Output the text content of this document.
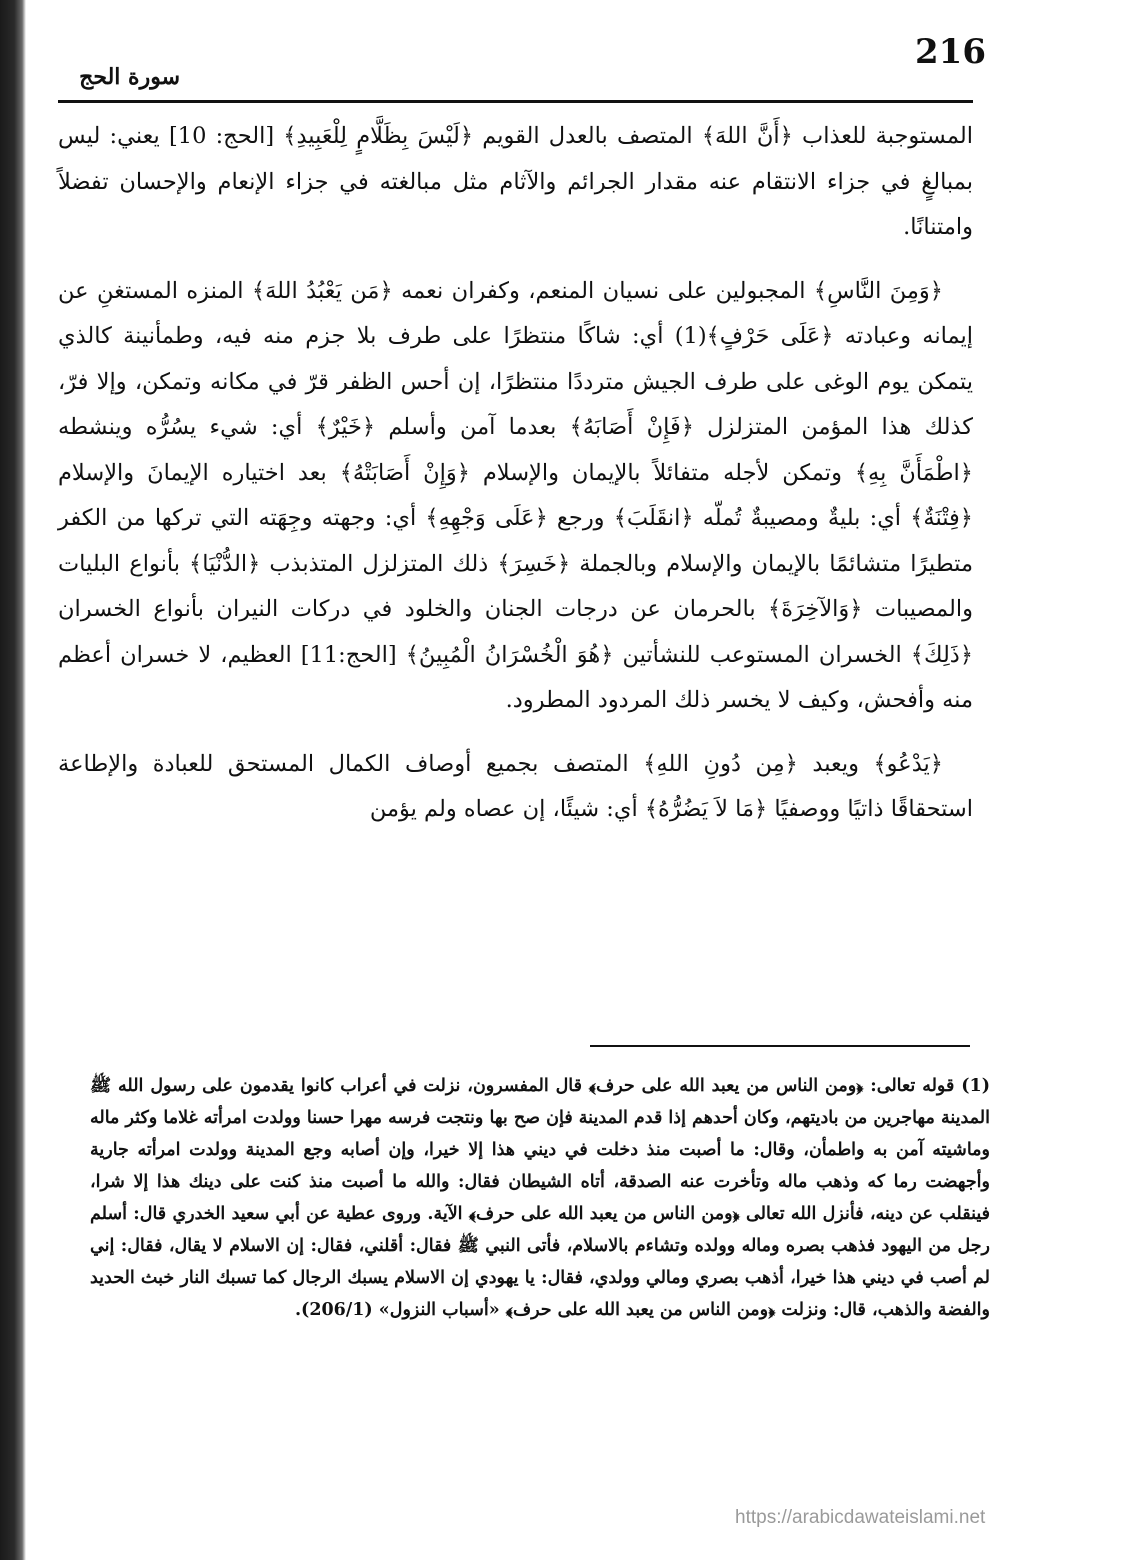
216
سورة الحج

المستوجبة للعذاب ﴿أَنَّ اللهَ﴾ المتصف بالعدل القويم ﴿لَيْسَ بِظَلَّامٍ لِلْعَبِيدِ﴾ [الحج: 10] يعني: ليس بمبالغٍ في جزاء الانتقام عنه مقدار الجرائم والآثام مثل مبالغته في جزاء الإنعام والإحسان تفضلاً وامتنانًا.

﴿وَمِنَ النَّاسِ﴾ المجبولين على نسيان المنعم، وكفران نعمه ﴿مَن يَعْبُدُ اللهَ﴾ المنزه المستغنِ عن إيمانه وعبادته ﴿عَلَى حَرْفٍ﴾(1) أي: شاكًا منتظرًا على طرف بلا جزم منه فيه، وطمأنينة كالذي يتمكن يوم الوغى على طرف الجيش مترددًا منتظرًا، إن أحس الظفر قرّ في مكانه وتمكن، وإلا فرّ، كذلك هذا المؤمن المتزلزل ﴿فَإِنْ أَصَابَهُ﴾ بعدما آمن وأسلم ﴿خَيْرٌ﴾ أي: شيء يسُرُّه وينشطه ﴿اطْمَأَنَّ بِهِ﴾ وتمكن لأجله متفائلاً بالإيمان والإسلام ﴿وَإِنْ أَصَابَتْهُ﴾ بعد اختياره الإيمانَ والإسلام ﴿فِتْنَةٌ﴾ أي: بليةٌ ومصيبةٌ تُملّه ﴿انقَلَبَ﴾ ورجع ﴿عَلَى وَجْهِهِ﴾ أي: وجهته وجِهَته التي تركها من الكفر متطيرًا متشائمًا بالإيمان والإسلام وبالجملة ﴿خَسِرَ﴾ ذلك المتزلزل المتذبذب ﴿الدُّنْيَا﴾ بأنواع البليات والمصيبات ﴿وَالآخِرَةَ﴾ بالحرمان عن درجات الجنان والخلود في دركات النيران بأنواع الخسران ﴿ذَلِكَ﴾ الخسران المستوعب للنشأتين ﴿هُوَ الْخُسْرَانُ الْمُبِينُ﴾ [الحج:11] العظيم، لا خسران أعظم منه وأفحش، وكيف لا يخسر ذلك المردود المطرود.

﴿يَدْعُو﴾ ويعبد ﴿مِن دُونِ اللهِ﴾ المتصف بجميع أوصاف الكمال المستحق للعبادة والإطاعة استحقاقًا ذاتيًا ووصفيًا ﴿مَا لاَ يَضُرُّهُ﴾ أي: شيئًا، إن عصاه ولم يؤمن

(1) قوله تعالى: ﴿ومن الناس من يعبد الله على حرف﴾ قال المفسرون، نزلت في أعراب كانوا يقدمون على رسول الله ﷺ المدينة مهاجرين من باديتهم، وكان أحدهم إذا قدم المدينة فإن صح بها ونتجت فرسه مهرا حسنا وولدت امرأته غلاما وكثر ماله وماشيته آمن به واطمأن، وقال: ما أصبت منذ دخلت في ديني هذا إلا خيرا، وإن أصابه وجع المدينة وولدت امرأته جارية وأجهضت رما كه وذهب ماله وتأخرت عنه الصدقة، أتاه الشيطان فقال: والله ما أصبت منذ كنت على دينك هذا إلا شرا، فينقلب عن دينه، فأنزل الله تعالى ﴿ومن الناس من يعبد الله على حرف﴾ الآية. وروى عطية عن أبي سعيد الخدري قال: أسلم رجل من اليهود فذهب بصره وماله وولده وتشاءم بالاسلام، فأتى النبي ﷺ فقال: أقلني، فقال: إن الاسلام لا يقال، فقال: إني لم أصب في ديني هذا خيرا، أذهب بصري ومالي وولدي، فقال: يا يهودي إن الاسلام يسبك الرجال كما تسبك النار خبث الحديد والفضة والذهب، قال: ونزلت ﴿ومن الناس من يعبد الله على حرف﴾ «أسباب النزول» (206/1).

https://arabicdawateislami.net
